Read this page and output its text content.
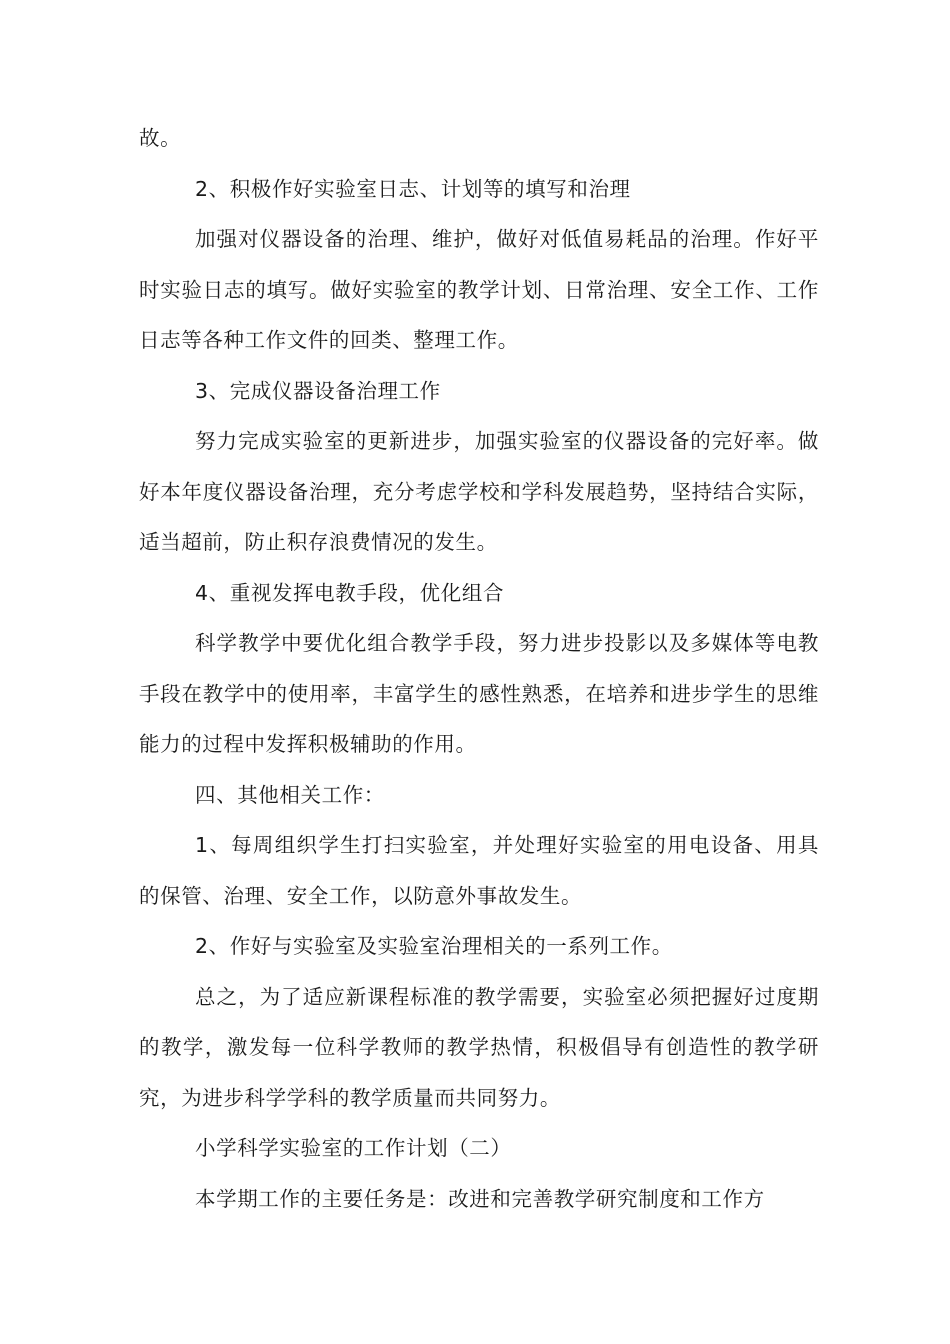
故。

2、积极作好实验室日志、计划等的填写和治理

加强对仪器设备的治理、维护，做好对低值易耗品的治理。作好平时实验日志的填写。做好实验室的教学计划、日常治理、安全工作、工作日志等各种工作文件的回类、整理工作。

3、完成仪器设备治理工作

努力完成实验室的更新进步，加强实验室的仪器设备的完好率。做好本年度仪器设备治理，充分考虑学校和学科发展趋势，坚持结合实际，适当超前，防止积存浪费情况的发生。

4、重视发挥电教手段，优化组合

科学教学中要优化组合教学手段，努力进步投影以及多媒体等电教手段在教学中的使用率，丰富学生的感性熟悉，在培养和进步学生的思维能力的过程中发挥积极辅助的作用。

四、其他相关工作：

1、每周组织学生打扫实验室，并处理好实验室的用电设备、用具的保管、治理、安全工作，以防意外事故发生。

2、作好与实验室及实验室治理相关的一系列工作。

总之，为了适应新课程标准的教学需要，实验室必须把握好过度期的教学，激发每一位科学教师的教学热情，积极倡导有创造性的教学研究，为进步科学学科的教学质量而共同努力。

小学科学实验室的工作计划（二）

本学期工作的主要任务是：改进和完善教学研究制度和工作方
